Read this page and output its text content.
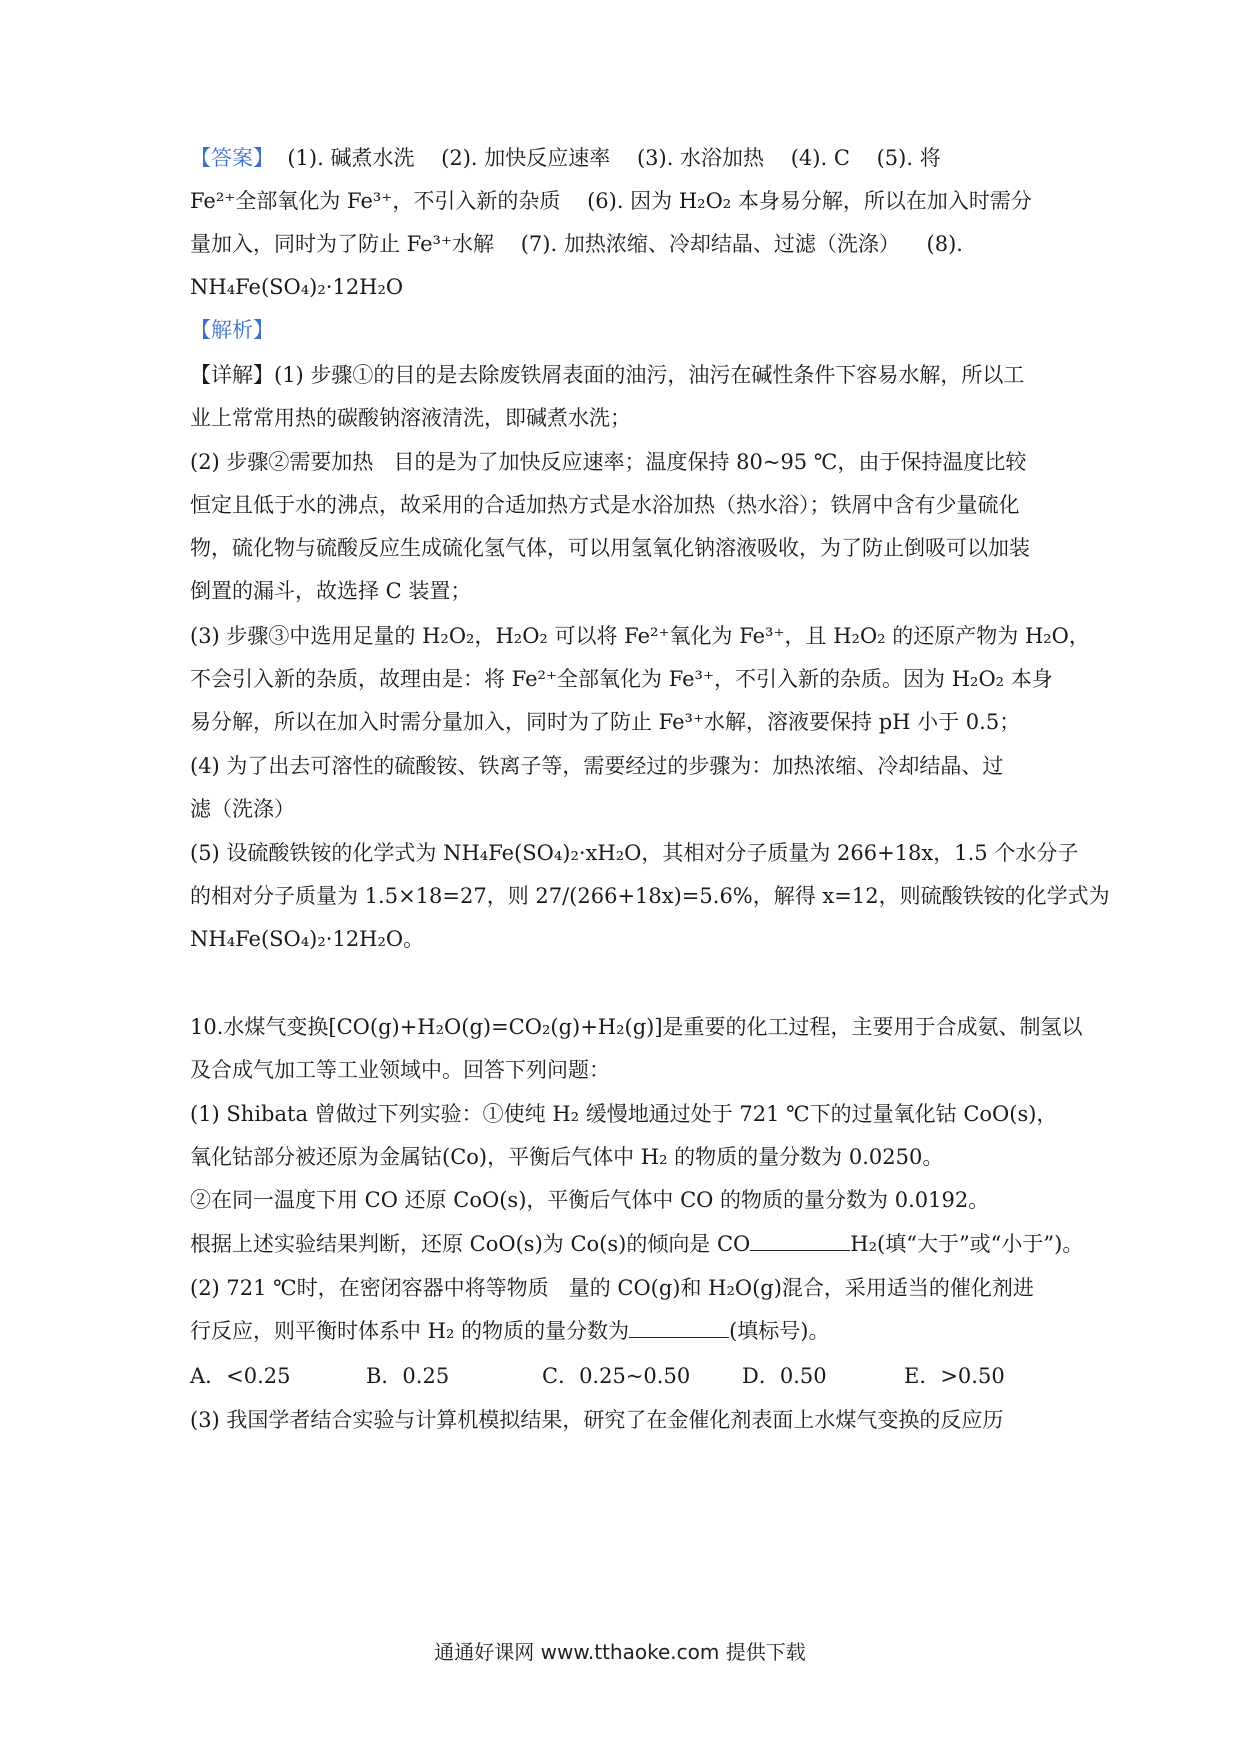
【答案】  (1). 碱煮水洗    (2). 加快反应速率    (3). 水浴加热    (4). C    (5). 将
Fe²⁺全部氧化为 Fe³⁺，不引入新的杂质    (6). 因为 H₂O₂ 本身易分解，所以在加入时需分
量加入，同时为了防止 Fe³⁺水解    (7). 加热浓缩、冷却结晶、过滤（洗涤）    (8).
NH₄Fe(SO₄)₂·12H₂O
【解析】
【详解】(1) 步骤①的目的是去除废铁屑表面的油污，油污在碱性条件下容易水解，所以工
业上常常用热的碳酸钠溶液清洗，即碱煮水洗；
(2) 步骤②需要加热   目的是为了加快反应速率；温度保持 80~95 ℃，由于保持温度比较
恒定且低于水的沸点，故采用的合适加热方式是水浴加热（热水浴）；铁屑中含有少量硫化
物，硫化物与硫酸反应生成硫化氢气体，可以用氢氧化钠溶液吸收，为了防止倒吸可以加装
倒置的漏斗，故选择 C 装置；
(3) 步骤③中选用足量的 H₂O₂，H₂O₂ 可以将 Fe²⁺氧化为 Fe³⁺，且 H₂O₂ 的还原产物为 H₂O，
不会引入新的杂质，故理由是：将 Fe²⁺全部氧化为 Fe³⁺，不引入新的杂质。因为 H₂O₂ 本身
易分解，所以在加入时需分量加入，同时为了防止 Fe³⁺水解，溶液要保持 pH 小于 0.5；
(4) 为了出去可溶性的硫酸铵、铁离子等，需要经过的步骤为：加热浓缩、冷却结晶、过
滤（洗涤）
(5) 设硫酸铁铵的化学式为 NH₄Fe(SO₄)₂·xH₂O，其相对分子质量为 266+18x，1.5 个水分子
的相对分子质量为 1.5×18=27，则 27/(266+18x)=5.6%，解得 x=12，则硫酸铁铵的化学式为
NH₄Fe(SO₄)₂·12H₂O。
10.水煤气变换[CO(g)+H₂O(g)=CO₂(g)+H₂(g)]是重要的化工过程，主要用于合成氨、制氢以
及合成气加工等工业领域中。回答下列问题：
(1) Shibata 曾做过下列实验：①使纯 H₂ 缓慢地通过处于 721 ℃下的过量氧化钴 CoO(s)，
氧化钴部分被还原为金属钴(Co)，平衡后气体中 H₂ 的物质的量分数为 0.0250。
②在同一温度下用 CO 还原 CoO(s)，平衡后气体中 CO 的物质的量分数为 0.0192。
根据上述实验结果判断，还原 CoO(s)为 Co(s)的倾向是 CO	H₂(填“大于”或“小于”)。
(2) 721 ℃时，在密闭容器中将等物质   量的 CO(g)和 H₂O(g)混合，采用适当的催化剂进
行反应，则平衡时体系中 H₂ 的物质的量分数为	(填标号)。
A．<0.25	B．0.25	C．0.25~0.50	D．0.50	E．>0.50
(3) 我国学者结合实验与计算机模拟结果，研究了在金催化剂表面上水煤气变换的反应历
通通好课网 www.tthaoke.com 提供下载
